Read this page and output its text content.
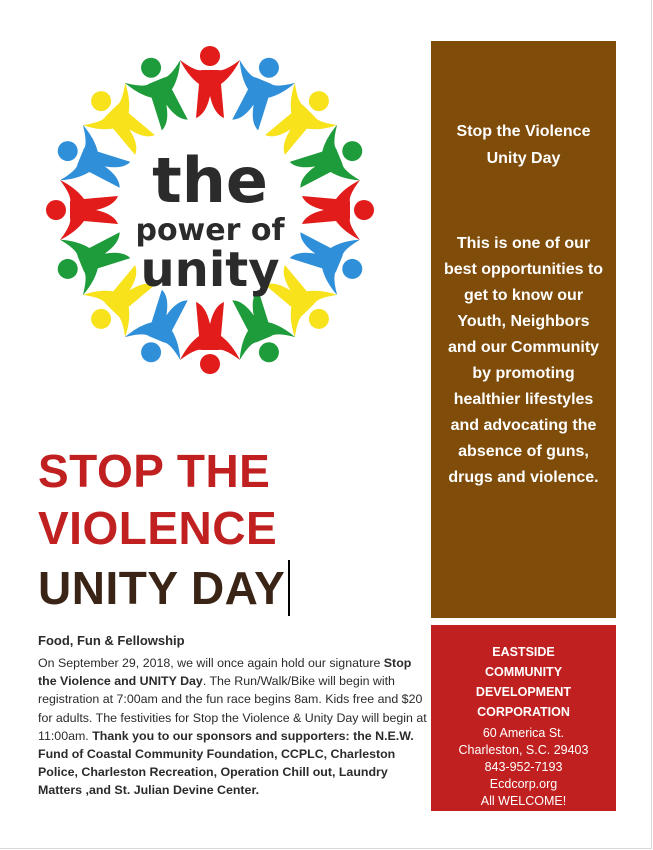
the
power of
unity
STOP THE
VIOLENCE
UNITY DAY
Food, Fun & Fellowship
On September 29, 2018, we will once again hold our signature Stop the Violence and UNITY Day. The Run/Walk/Bike will begin with registration at 7:00am and the fun race begins 8am. Kids free and $20 for adults. The festivities for Stop the Violence & Unity Day will begin at 11:00am. Thank you to our sponsors and supporters: the N.E.W. Fund of Coastal Community Foundation, CCPLC, Charleston Police, Charleston Recreation, Operation Chill out, Laundry Matters ,and St. Julian Devine Center.
Stop the Violence Unity Day
This is one of our best opportunities to get to know our Youth, Neighbors and our Community by promoting healthier lifestyles and advocating the absence of guns, drugs and violence.
EASTSIDE
COMMUNITY
DEVELOPMENT
CORPORATION
60 America St.
Charleston, S.C. 29403
843-952-7193
Ecdcorp.org
All WELCOME!
